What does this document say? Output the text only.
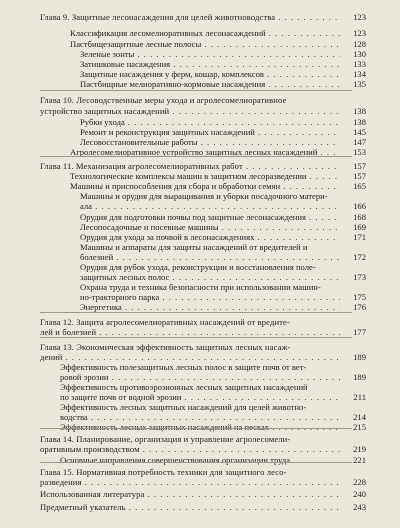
Глава 9. Защитные лесонасаждения для целей животноводства . . .	123
Классификация лесомелиоративных лесонасаждений . . .	123
Пастбищезащитные лесные полосы . . .	128
Зеленые зонты . . .	130
Затишковые насаждения . . .	133
Защитные насаждения у ферм, кошар, комплексов . . .	134
Пастбищные мелиоративно-кормовые насаждения . . .	135
Глава 10. Лесоводственные меры ухода и агролесомелиоративное
устройство защитных насаждений . . .	138
Рубки ухода . . .	138
Ремонт и реконструкция защитных насаждений . . .	145
Лесовосстановительные работы . . .	147
Агролесомелиоративное устройство защитных лесных насаждений . . .	153
Глава 11. Механизация агролесомелиоративных работ . . .	157
Технологические комплексы машин в защитном лесоразведении . . .	157
Машины и приспособления для сбора и обработки семян . . .	165
Машины и орудия для выращивания и уборки посадочного матери-
ала . . .	166
Орудия для подготовки почвы под защитные лесонасаждения . . .	168
Лесопосадочные и посевные машины . . .	169
Орудия для ухода за почвой в лесонасаждениях . . .	171
Машины и аппараты для защиты насаждений от вредителей и
болезней . . .	172
Орудия для рубок ухода, реконструкции и восстановления поле-
защитных лесных полос . . .	173
Охрана труда и техника безопасности при использовании машин-
но-тракторного парка . . .	175
Энергетика . . .	176
Глава 12. Защита агролесомелиоративных насаждений от вредите-
лей и болезней . . .	177
Глава 13. Экономическая эффективность защитных лесных насаж-
дений . . .	189
Эффективность полезащитных лесных полос в защите почв от вет-
ровой эрозии . . .	189
Эффективность противоэрозионных лесных защитных насаждений
по защите почв от водной эрозии . . .	211
Эффективность лесных защитных насаждений для целей животно-
водства . . .	214
Эффективность лесных защитных насаждений на песках . . .	215
Глава 14. Планирование, организация и управление агролесомели-
оративным производством . . .	219
Основные направления совершенствования организации труда . . .	221
Глава 15. Нормативная потребность техники для защитного лесо-
разведения . . .	228
Использованная литература . . .	240
Предметный указатель . . .	243
